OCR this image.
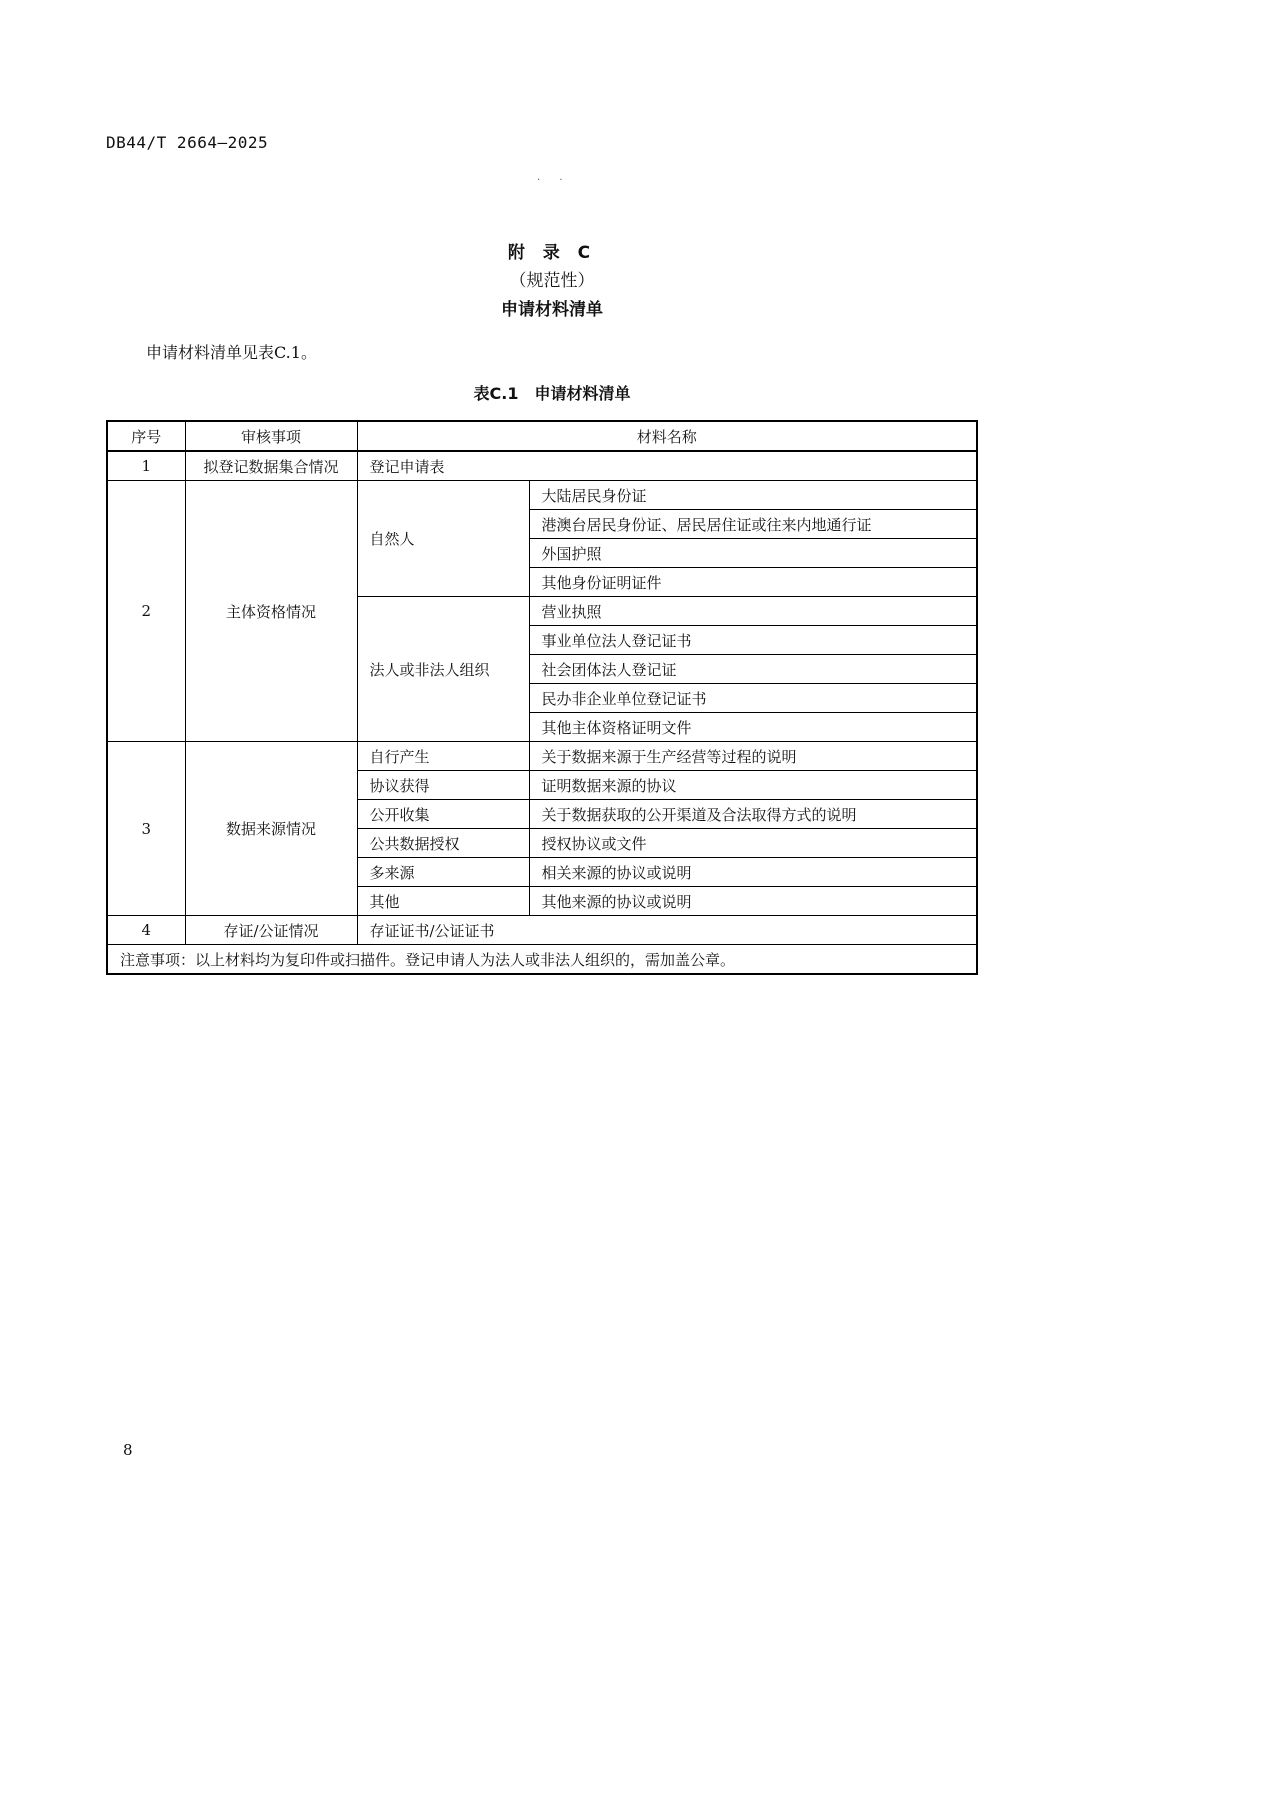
DB44/T 2664—2025
. .
附 录 C
（规范性）
申请材料清单
申请材料清单见表C.1。
表C.1 申请材料清单
序号	审核事项	材料名称	
1	拟登记数据集合情况	登记申请表	
2	主体资格情况	自然人	大陆居民身份证
			港澳台居民身份证、居民居住证或往来内地通行证
			外国护照
			其他身份证明证件
		法人或非法人组织	营业执照
			事业单位法人登记证书
			社会团体法人登记证
			民办非企业单位登记证书
			其他主体资格证明文件
3	数据来源情况	自行产生	关于数据来源于生产经营等过程的说明
		协议获得	证明数据来源的协议
		公开收集	关于数据获取的公开渠道及合法取得方式的说明
		公共数据授权	授权协议或文件
		多来源	相关来源的协议或说明
		其他	其他来源的协议或说明
4	存证/公证情况	存证证书/公证证书	
注意事项：以上材料均为复印件或扫描件。登记申请人为法人或非法人组织的，需加盖公章。			
8
